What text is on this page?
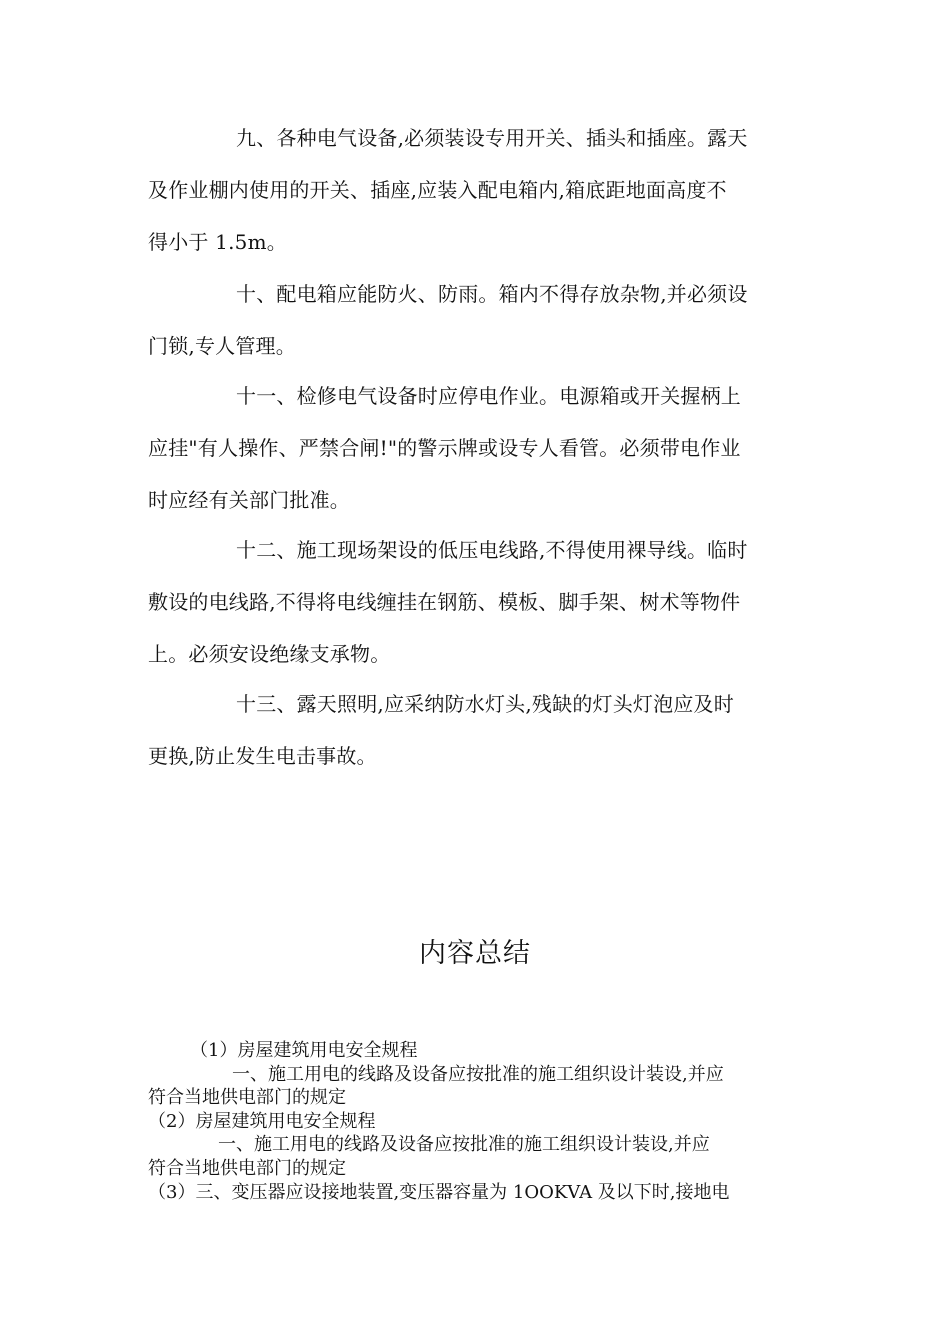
九、各种电气设备,必须装设专用开关、插头和插座。露天
及作业棚内使用的开关、插座,应装入配电箱内,箱底距地面高度不
得小于 1.5m。
十、配电箱应能防火、防雨。箱内不得存放杂物,并必须设
门锁,专人管理。
十一、检修电气设备时应停电作业。电源箱或开关握柄上
应挂"有人操作、严禁合闸!"的警示牌或设专人看管。必须带电作业
时应经有关部门批准。
十二、施工现场架设的低压电线路,不得使用裸导线。临时
敷设的电线路,不得将电线缠挂在钢筋、模板、脚手架、树术等物件
上。必须安设绝缘支承物。
十三、露天照明,应采纳防水灯头,残缺的灯头灯泡应及时
更换,防止发生电击事故。
内容总结
（1）房屋建筑用电安全规程
一、施工用电的线路及设备应按批准的施工组织设计装设,并应
符合当地供电部门的规定
（2）房屋建筑用电安全规程
一、施工用电的线路及设备应按批准的施工组织设计装设,并应
符合当地供电部门的规定
（3）三、变压器应设接地装置,变压器容量为 1OOKVA 及以下时,接地电
